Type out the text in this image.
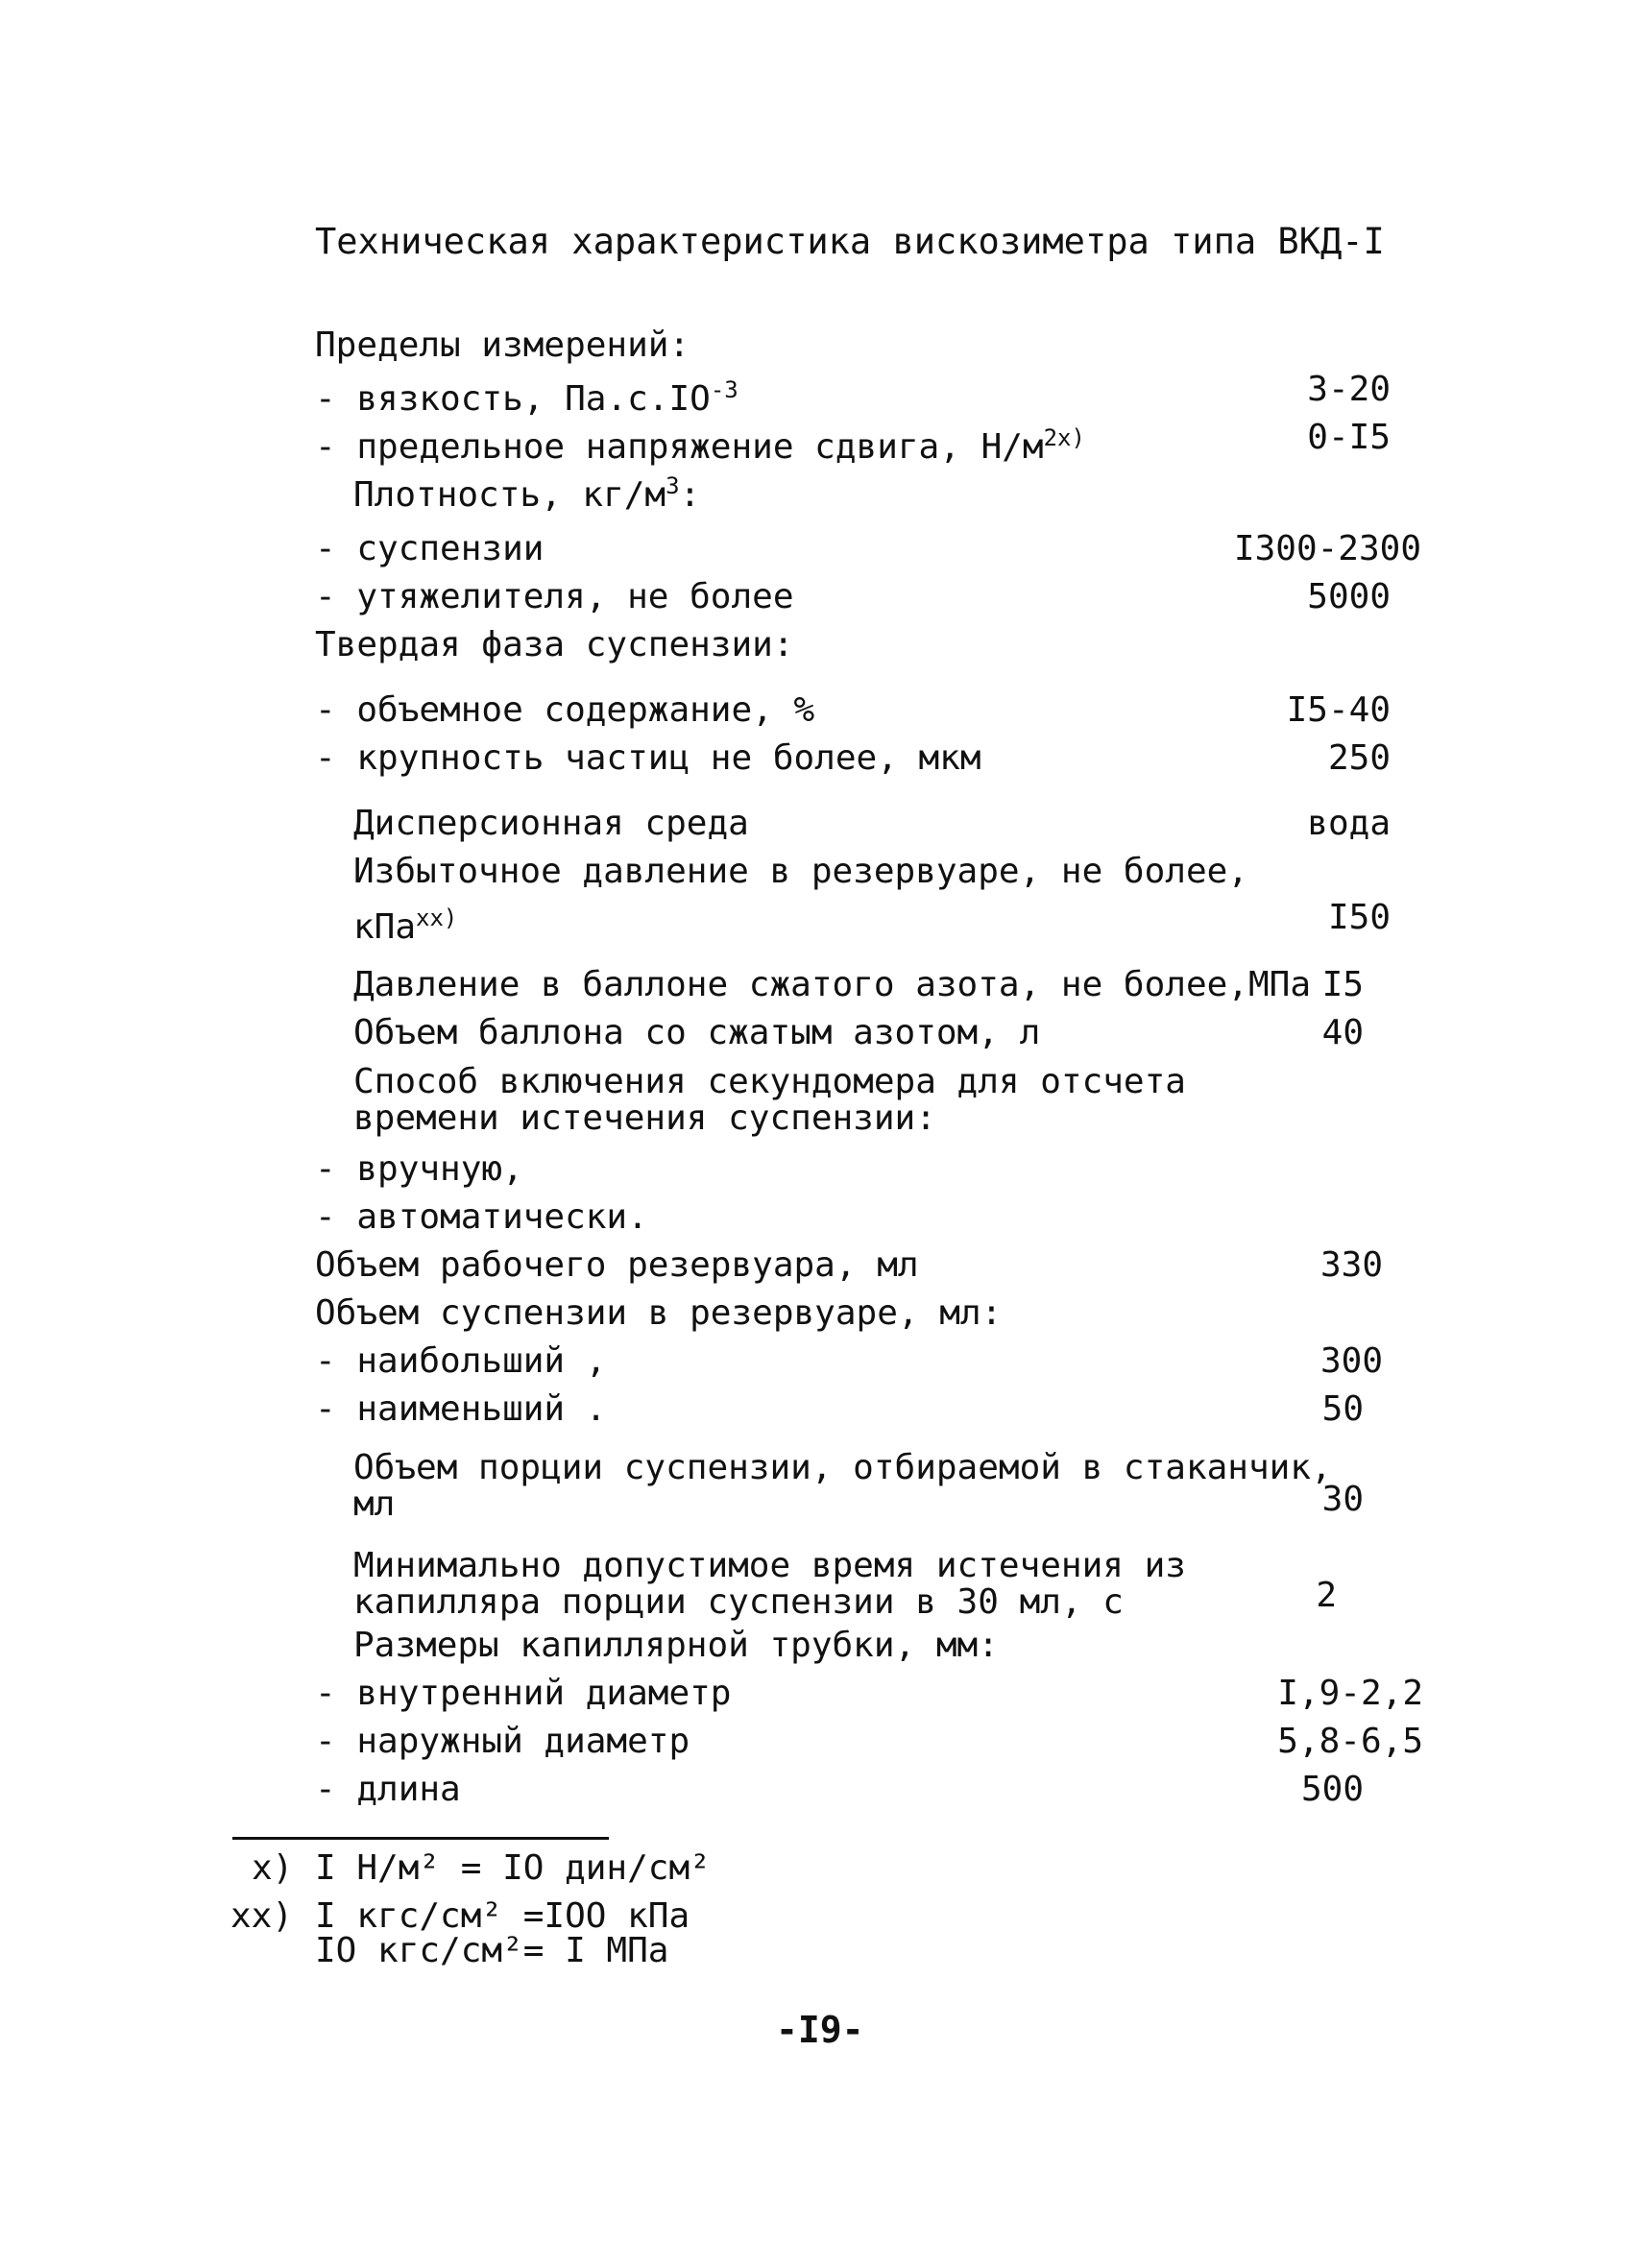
Техническая характеристика вискозиметра типа ВКД-I
Пределы измерений:
- вязкость, $Па.с.IO^{-3}$	3-20
- предельное напряжение сдвига, $Н/м^{2x)}$	0-I5
Плотность, $кг/м^3$:
- суспензии	I300-2300
- утяжелителя, не более	5000
Твердая фаза суспензии:
- объемное содержание, %	I5-40
- крупность частиц не более, мкм	250
Дисперсионная среда	вода
Избыточное давление в резервуаре, не более,
кПа$^{xx)}$	I50
Давление в баллоне сжатого азота, не более,МПа I5
Объем баллона со сжатым азотом, л	40
Способ включения секундомера для отсчета
времени истечения суспензии:
- вручную,
- автоматически.
Объем рабочего резервуара, мл	330
Объем суспензии в резервуаре, мл:
- наибольший ,	300
- наименьший .	50
Объем порции суспензии, отбираемой в стаканчик,
мл	30
Минимально допустимое время истечения из
капилляра порции суспензии в 30 мл, с	2
Размеры капиллярной трубки, мм:
- внутренний диаметр	I,9-2,2
- наружный диаметр	5,8-6,5
- длина	500
x) I Н/м² = IO дин/см²
xx) I кгс/см² =IOO кПа
IO кгс/см²= I МПа
-I9-
